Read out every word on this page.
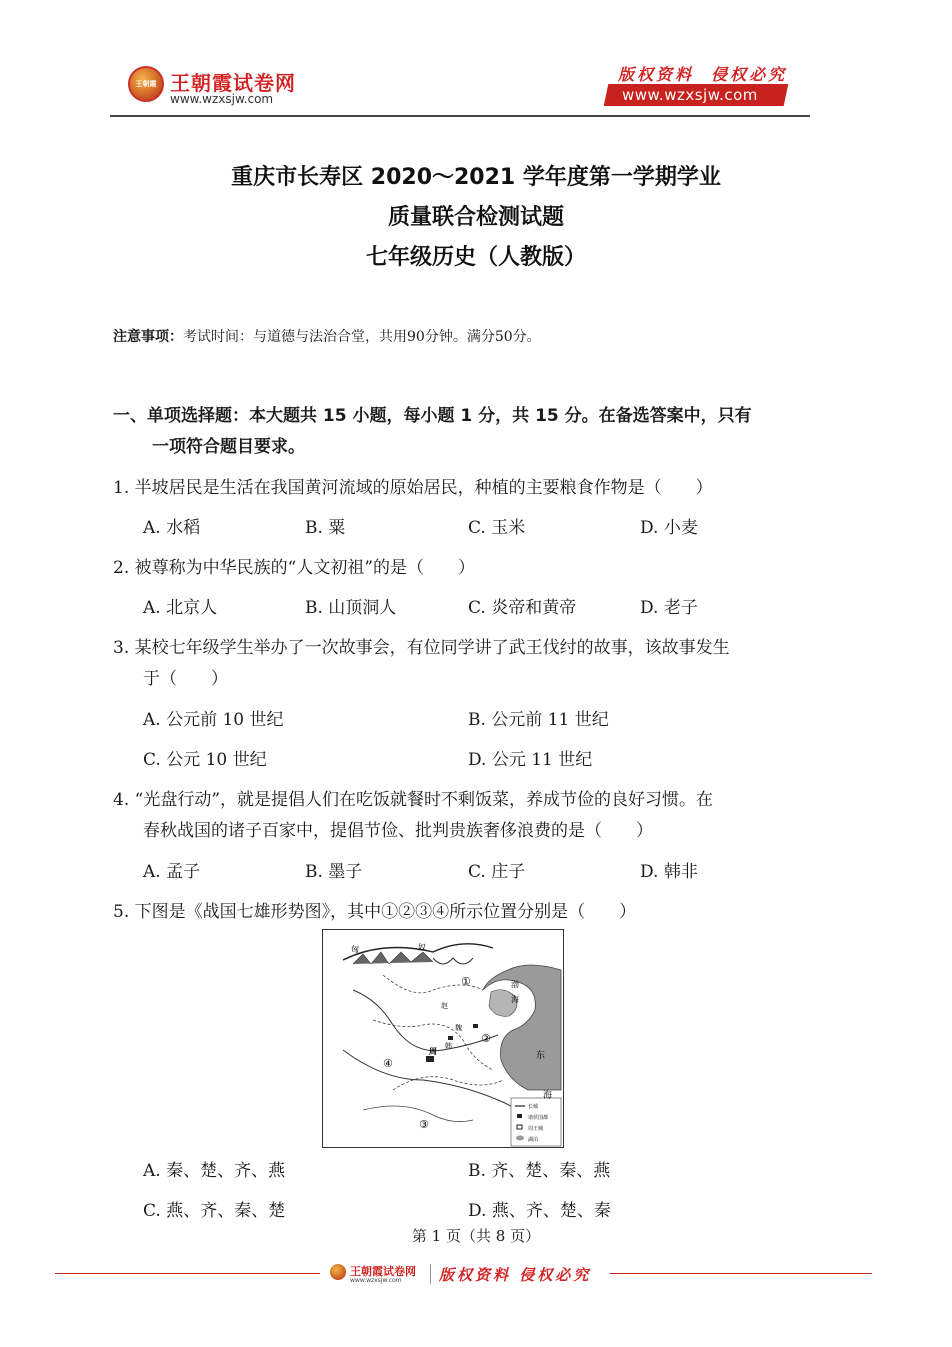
王朝霞 王朝霞试卷网
www.wzxsjw.com
版权资料  侵权必究
www.wzxsjw.com
重庆市长寿区 2020～2021 学年度第一学期学业
质量联合检测试题
七年级历史（人教版）
注意事项：考试时间：与道德与法治合堂，共用90分钟。满分50分。
一、单项选择题：本大题共 15 小题，每小题 1 分，共 15 分。在备选答案中，只有
一项符合题目要求。
1. 半坡居民是生活在我国黄河流域的原始居民，种植的主要粮食作物是（　　）
A. 水稻	B. 粟	C. 玉米	D. 小麦
2. 被尊称为中华民族的“人文初祖”的是（　　）
A. 北京人	B. 山顶洞人	C. 炎帝和黄帝	D. 老子
3. 某校七年级学生举办了一次故事会，有位同学讲了武王伐纣的故事，该故事发生
于（　　）
A. 公元前 10 世纪	B. 公元前 11 世纪
C. 公元 10 世纪	D. 公元 11 世纪
4. “光盘行动”，就是提倡人们在吃饭就餐时不剩饭菜，养成节俭的良好习惯。在
春秋战国的诸子百家中，提倡节俭、批判贵族奢侈浪费的是（　　）
A. 孟子	B. 墨子	C. 庄子	D. 韩非
5. 下图是《战国七雄形势图》，其中①②③④所示位置分别是（　　）
长城
诸侯国都
周王城
湖泊
匈	奴
渤
海
东
海
周
韩
魏
赵
①
②
③
④
A. 秦、楚、齐、燕	B. 齐、楚、秦、燕
C. 燕、齐、秦、楚	D. 燕、齐、楚、秦
第 1 页（共 8 页）
王朝霞试卷网
www.wzxsjw.com 版权资料 侵权必究
